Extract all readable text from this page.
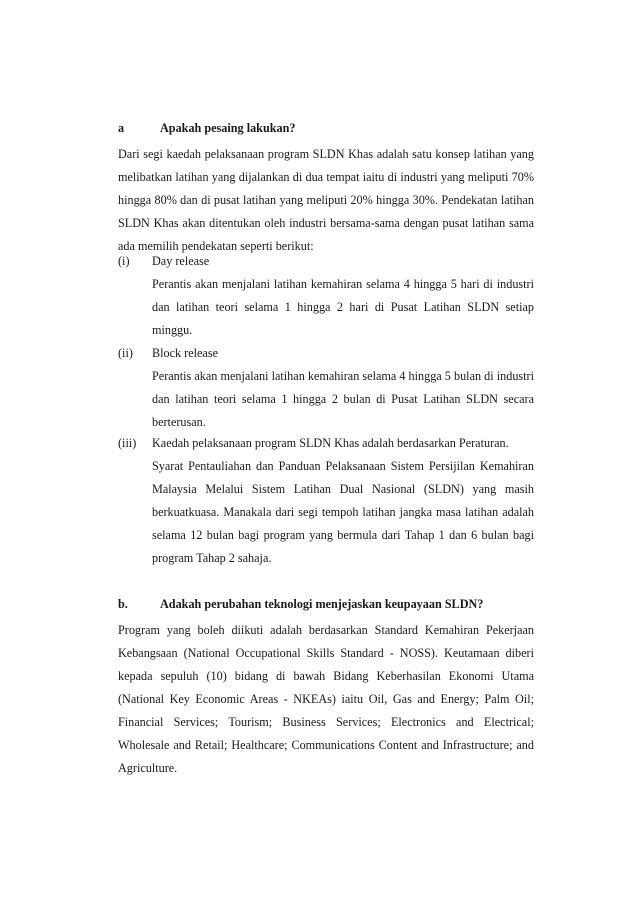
a	Apakah pesaing lakukan?

Dari segi kaedah pelaksanaan program SLDN Khas adalah satu konsep latihan yang melibatkan latihan yang dijalankan di dua tempat iaitu di industri yang meliputi 70% hingga 80% dan di pusat latihan yang meliputi 20% hingga 30%. Pendekatan latihan SLDN Khas akan ditentukan oleh industri bersama-sama dengan pusat latihan sama ada memilih pendekatan seperti berikut:

(i)	Day release

Perantis akan menjalani latihan kemahiran selama 4 hingga 5 hari di industri dan latihan teori selama 1 hingga 2 hari di Pusat Latihan SLDN setiap minggu.

(ii)	Block release

Perantis akan menjalani latihan kemahiran selama 4 hingga 5 bulan di industri dan latihan teori selama 1 hingga 2 bulan di Pusat Latihan SLDN secara berterusan.

(iii)	Kaedah pelaksanaan program SLDN Khas adalah berdasarkan Peraturan.

Syarat Pentauliahan dan Panduan Pelaksanaan Sistem Persijilan Kemahiran Malaysia Melalui Sistem Latihan Dual Nasional (SLDN) yang masih berkuatkuasa. Manakala dari segi tempoh latihan jangka masa latihan adalah selama 12 bulan bagi program yang bermula dari Tahap 1 dan 6 bulan bagi program Tahap 2 sahaja.

b.	Adakah perubahan teknologi menjejaskan keupayaan SLDN?

Program yang boleh diikuti adalah berdasarkan Standard Kemahiran Pekerjaan Kebangsaan (National Occupational Skills Standard - NOSS). Keutamaan diberi kepada sepuluh (10) bidang di bawah Bidang Keberhasilan Ekonomi Utama (National Key Economic Areas - NKEAs) iaitu Oil, Gas and Energy; Palm Oil; Financial Services; Tourism; Business Services; Electronics and Electrical; Wholesale and Retail; Healthcare; Communications Content and Infrastructure; and Agriculture.
